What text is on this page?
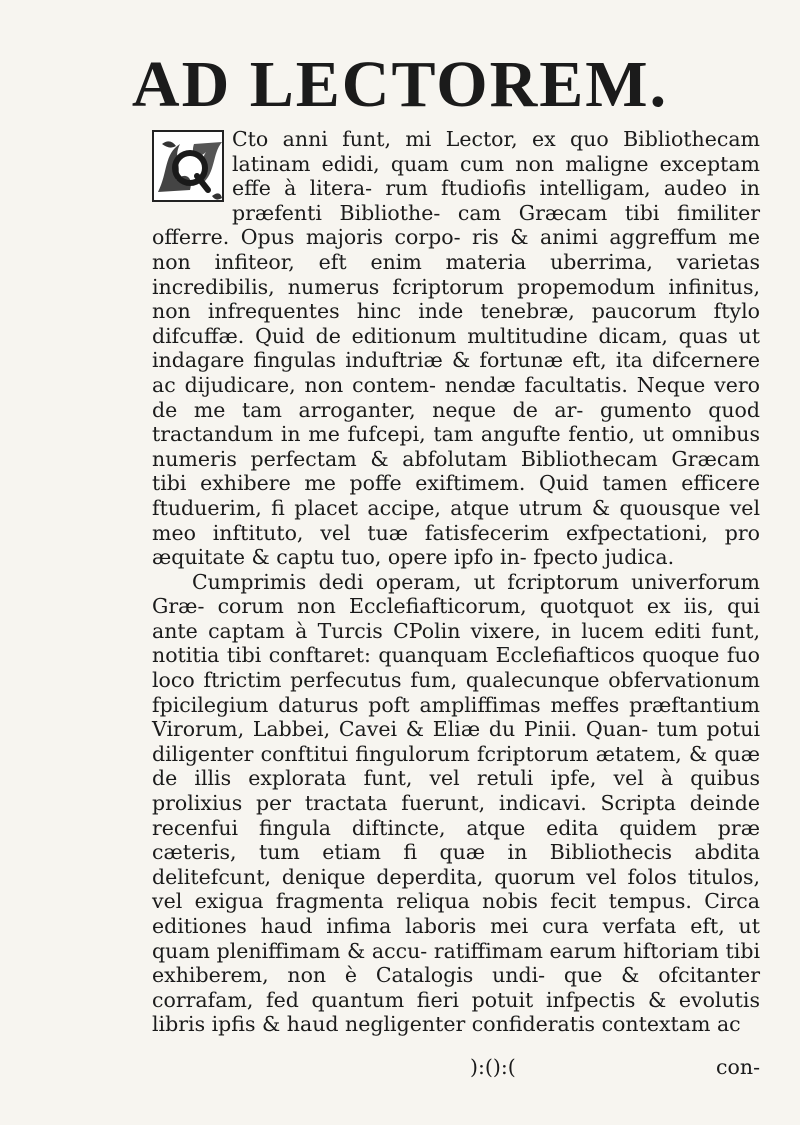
AD LECTOREM.

Cto anni funt, mi Lector, ex quo Bibliothecam latinam edidi, quam cum non maligne exceptam effe à litera- rum ftudiofis intelligam, audeo in præfenti Bibliothe- cam Græcam tibi fimiliter offerre. Opus majoris corpo- ris & animi aggreffum me non infiteor, eft enim materia uberrima, varietas incredibilis, numerus fcriptorum propemodum infinitus, non infrequentes hinc inde tenebræ, paucorum ftylo difcuffæ. Quid de editionum multitudine dicam, quas ut indagare fingulas induftriæ & fortunæ eft, ita difcernere ac dijudicare, non contem- nendæ facultatis. Neque vero de me tam arroganter, neque de ar- gumento quod tractandum in me fufcepi, tam angufte fentio, ut omnibus numeris perfectam & abfolutam Bibliothecam Græcam tibi exhibere me poffe exiftimem. Quid tamen efficere ftuduerim, fi placet accipe, atque utrum & quousque vel meo inftituto, vel tuæ fatisfecerim exfpectationi, pro æquitate & captu tuo, opere ipfo in- fpecto judica.

Cumprimis dedi operam, ut fcriptorum univerforum Græ- corum non Ecclefiafticorum, quotquot ex iis, qui ante captam à Turcis CPolin vixere, in lucem editi funt, notitia tibi conftaret: quanquam Ecclefiafticos quoque fuo loco ftrictim perfecutus fum, qualecunque obfervationum fpicilegium daturus poft ampliffimas meffes præftantium Virorum, Labbei, Cavei & Eliæ du Pinii. Quan- tum potui diligenter conftitui fingulorum fcriptorum ætatem, & quæ de illis explorata funt, vel retuli ipfe, vel à quibus prolixius per tractata fuerunt, indicavi. Scripta deinde recenfui fingula diftincte, atque edita quidem præ cæteris, tum etiam fi quæ in Bibliothecis abdita delitefcunt, denique deperdita, quorum vel folos titulos, vel exigua fragmenta reliqua nobis fecit tempus. Circa editiones haud infima laboris mei cura verfata eft, ut quam pleniffimam & accu- ratiffimam earum hiftoriam tibi exhiberem, non è Catalogis undi- que & ofcitanter corrafam, fed quantum fieri potuit infpectis & evolutis libris ipfis & haud negligenter confideratis contextam ac

):():(	con-
